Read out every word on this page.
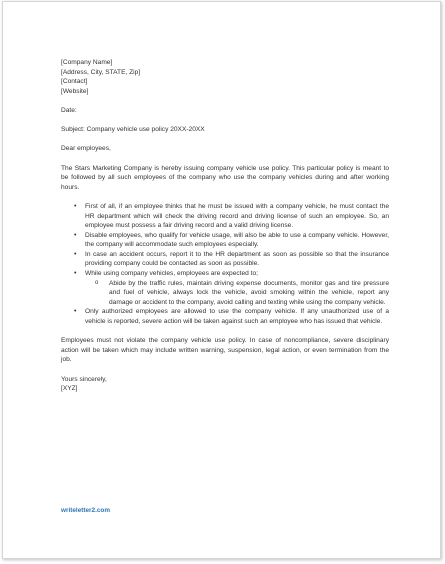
[Company Name]
[Address, City, STATE, Zip]
[Contact]
[Website]
Date:
Subject: Company vehicle use policy 20XX-20XX
Dear employees,

The Stars Marketing Company is hereby issuing company vehicle use policy. This particular policy is meant to be followed by all such employees of the company who use the company vehicles during and after working hours.

• First of all, if an employee thinks that he must be issued with a company vehicle, he must contact the HR department which will check the driving record and driving license of such an employee. So, an employee must possess a fair driving record and a valid driving license.
• Disable employees, who qualify for vehicle usage, will also be able to use a company vehicle. However, the company will accommodate such employees especially.
• In case an accident occurs, report it to the HR department as soon as possible so that the insurance providing company could be contacted as soon as possible.
• While using company vehicles, employees are expected to;
o Abide by the traffic rules, maintain driving expense documents, monitor gas and tire pressure and fuel of vehicle, always lock the vehicle, avoid smoking within the vehicle, report any damage or accident to the company, avoid calling and texting while using the company vehicle.
• Only authorized employees are allowed to use the company vehicle. If any unauthorized use of a vehicle is reported, severe action will be taken against such an employee who has issued that vehicle.

Employees must not violate the company vehicle use policy. In case of noncompliance, severe disciplinary action will be taken which may include written warning, suspension, legal action, or even termination from the job.

Yours sincerely,
[XYZ]
writeletter2.com
